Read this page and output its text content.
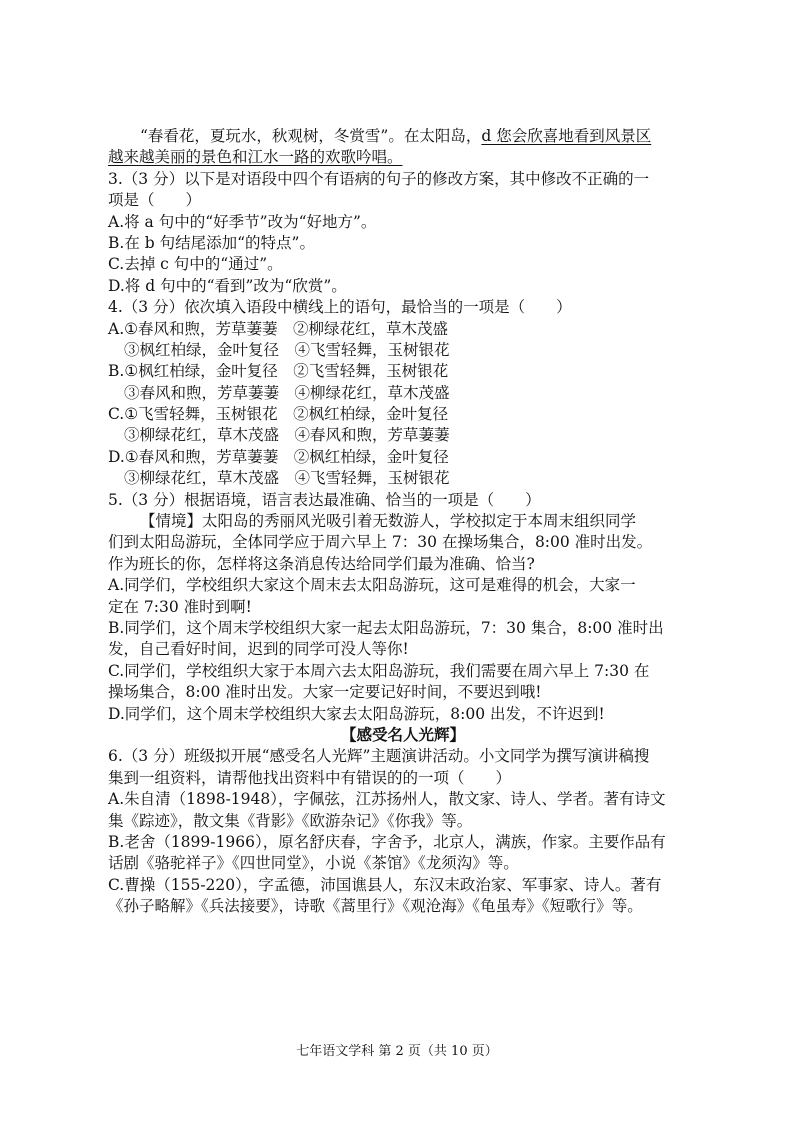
“春看花，夏玩水，秋观树，冬赏雪”。在太阳岛，d 您会欣喜地看到风景区
越来越美丽的景色和江水一路的欢歌吟唱。
3.（3 分）以下是对语段中四个有语病的句子的修改方案，其中修改不正确的一
项是（　　）
A.将 a 句中的“好季节”改为“好地方”。
B.在 b 句结尾添加“的特点”。
C.去掉 c 句中的“通过”。
D.将 d 句中的“看到”改为“欣赏”。
4.（3 分）依次填入语段中横线上的语句，最恰当的一项是（　　）
A.①春风和煦，芳草萋萋　②柳绿花红，草木茂盛
③枫红柏绿，金叶复径　④飞雪轻舞，玉树银花
B.①枫红柏绿，金叶复径　②飞雪轻舞，玉树银花
③春风和煦，芳草萋萋　④柳绿花红，草木茂盛
C.①飞雪轻舞，玉树银花　②枫红柏绿，金叶复径
③柳绿花红，草木茂盛　④春风和煦，芳草萋萋
D.①春风和煦，芳草萋萋　②枫红柏绿，金叶复径
③柳绿花红，草木茂盛　④飞雪轻舞，玉树银花
5.（3 分）根据语境，语言表达最准确、恰当的一项是（　　）
【情境】太阳岛的秀丽风光吸引着无数游人，学校拟定于本周末组织同学
们到太阳岛游玩，全体同学应于周六早上 7：30 在操场集合，8:00 准时出发。
作为班长的你，怎样将这条消息传达给同学们最为准确、恰当?
A.同学们，学校组织大家这个周末去太阳岛游玩，这可是难得的机会，大家一
定在 7:30 准时到啊!
B.同学们，这个周末学校组织大家一起去太阳岛游玩，7：30 集合，8:00 准时出
发，自己看好时间，迟到的同学可没人等你!
C.同学们，学校组织大家于本周六去太阳岛游玩，我们需要在周六早上 7:30 在
操场集合，8:00 准时出发。大家一定要记好时间，不要迟到哦!
D.同学们，这个周末学校组织大家去太阳岛游玩，8:00 出发，不许迟到!
【感受名人光辉】
6.（3 分）班级拟开展“感受名人光辉”主题演讲活动。小文同学为撰写演讲稿搜
集到一组资料，请帮他找出资料中有错误的的一项（　　）
A.朱自清（1898-1948），字佩弦，江苏扬州人，散文家、诗人、学者。著有诗文
集《踪迹》，散文集《背影》《欧游杂记》《你我》等。
B.老舍（1899-1966），原名舒庆春，字舍予，北京人，满族，作家。主要作品有
话剧《骆驼祥子》《四世同堂》，小说《茶馆》《龙须沟》等。
C.曹操（155-220），字孟德，沛国谯县人，东汉末政治家、军事家、诗人。著有
《孙子略解》《兵法接要》，诗歌《蒿里行》《观沧海》《龟虽寿》《短歌行》等。
七年语文学科 第 2 页（共 10 页）
